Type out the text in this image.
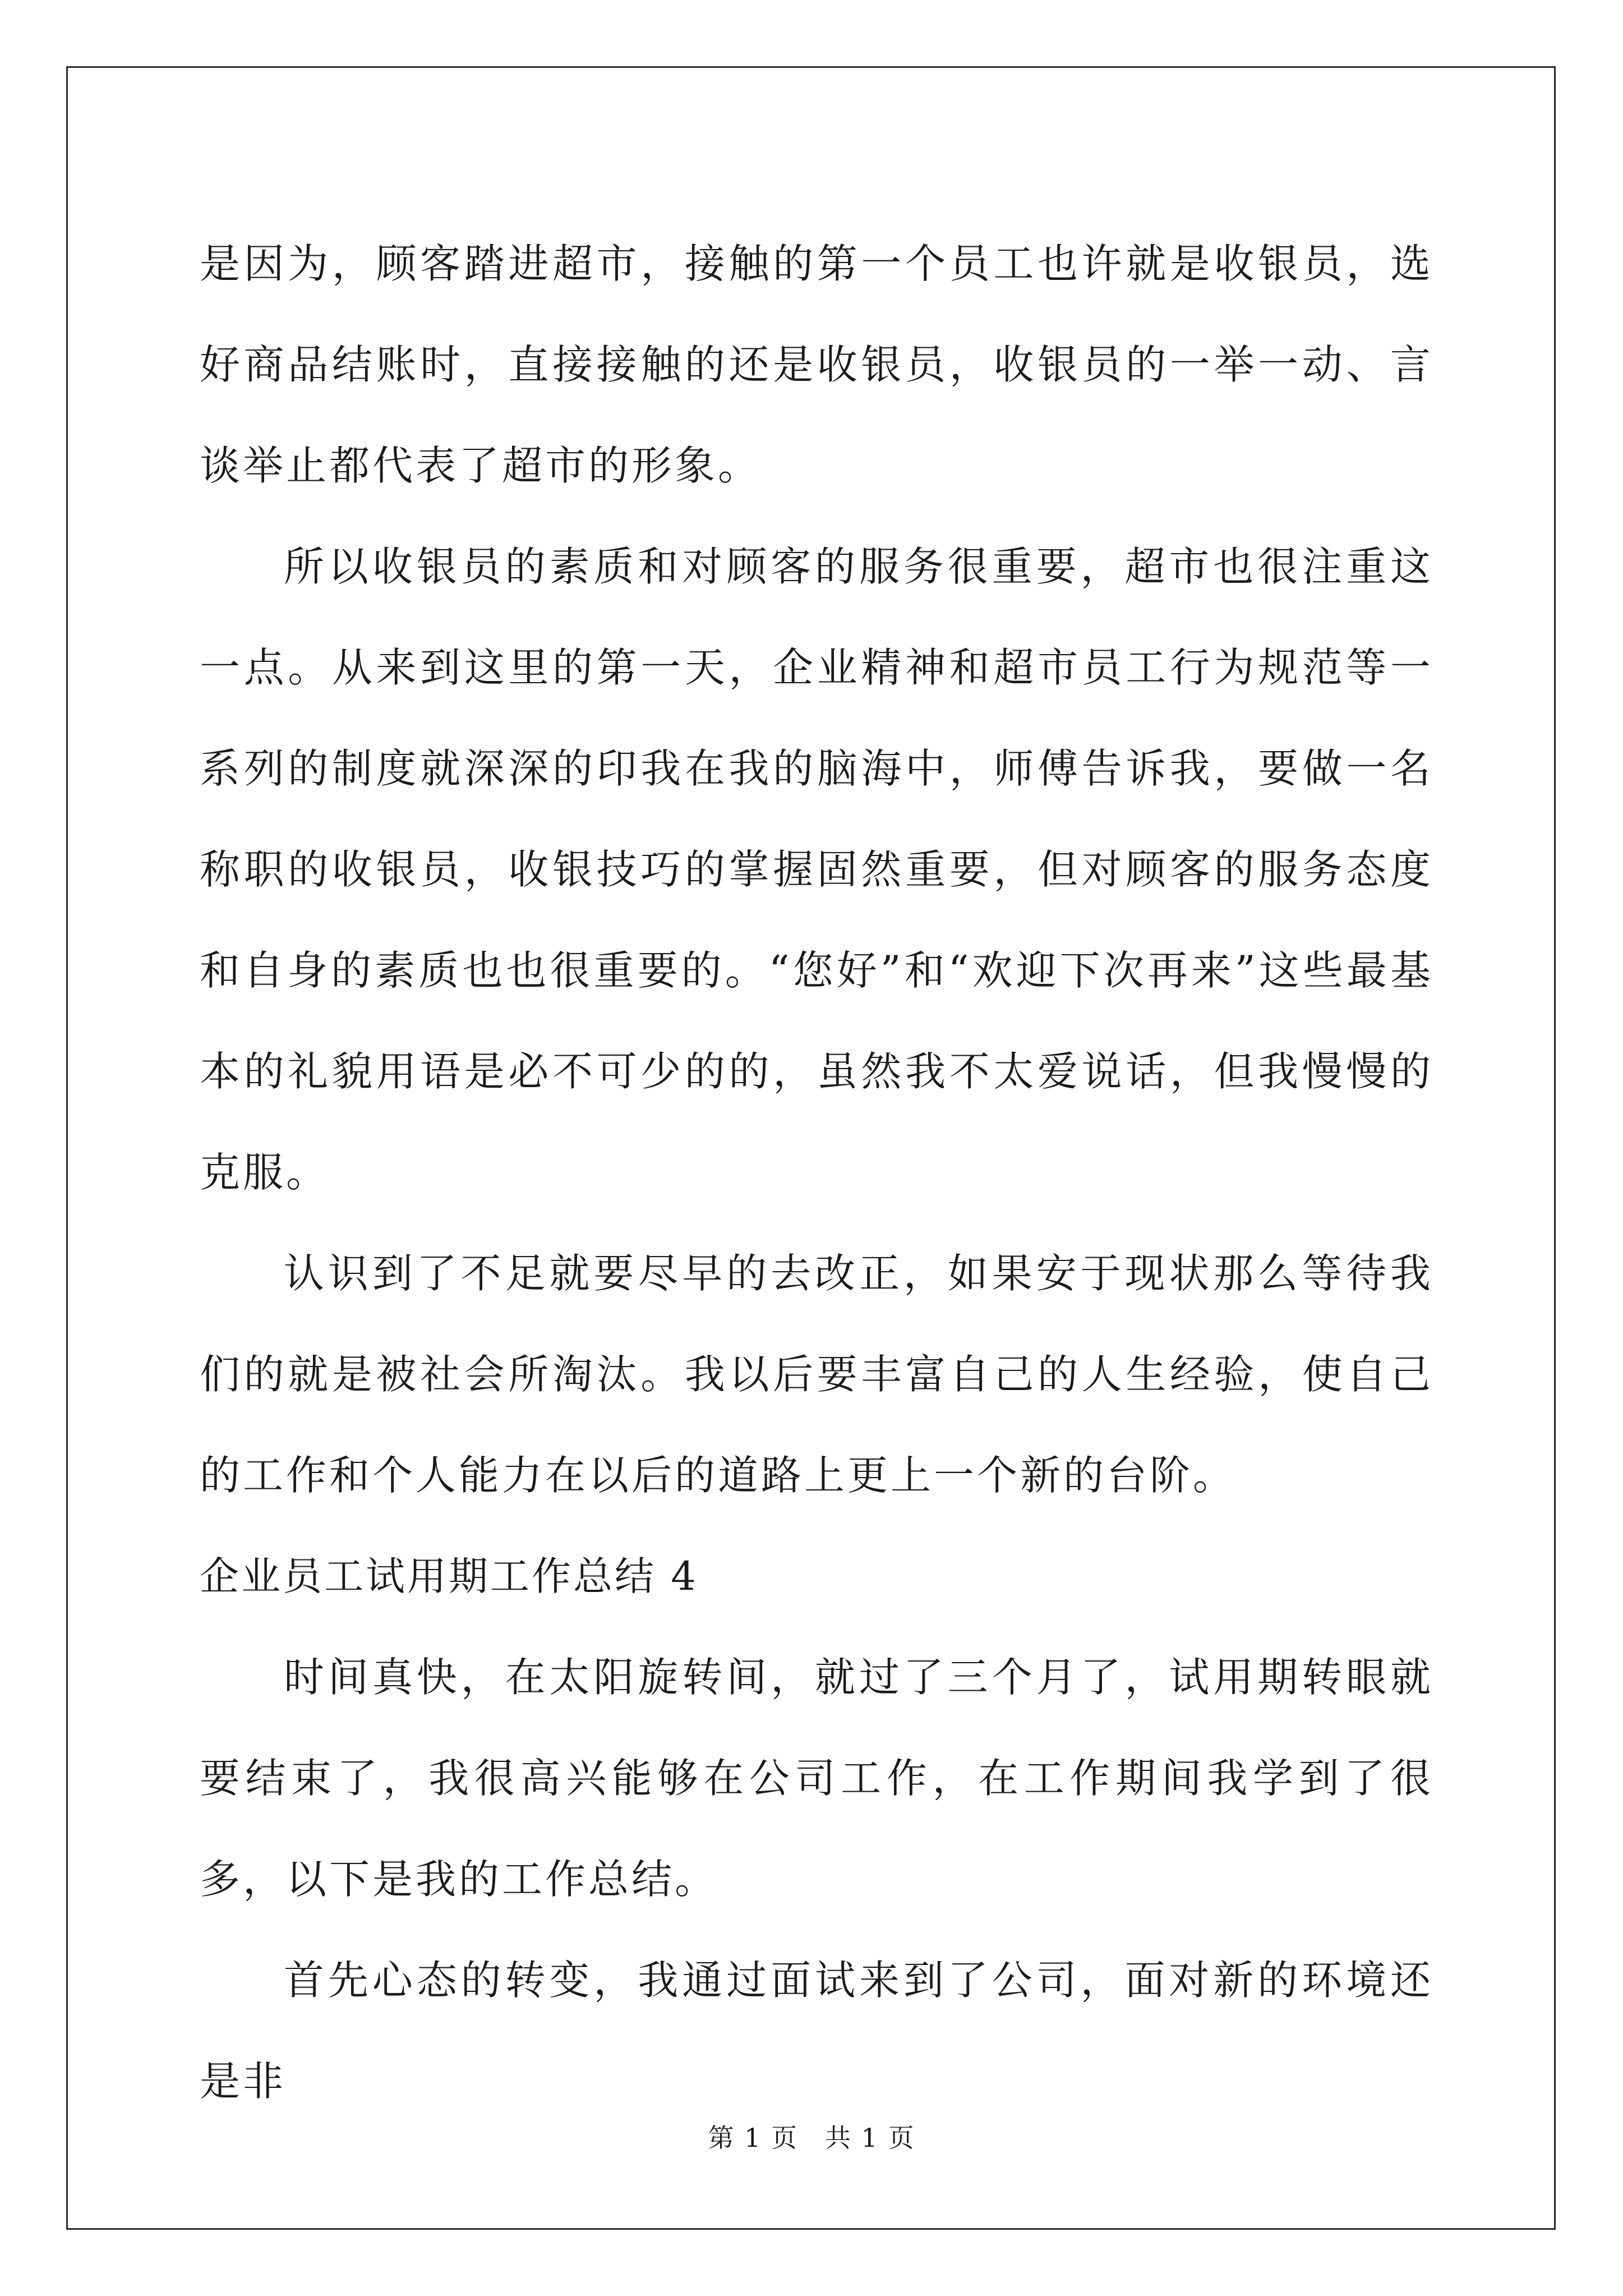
是因为，顾客踏进超市，接触的第一个员工也许就是收银员，选好商品结账时，直接接触的还是收银员，收银员的一举一动、言谈举止都代表了超市的形象。

所以收银员的素质和对顾客的服务很重要，超市也很注重这一点。从来到这里的第一天，企业精神和超市员工行为规范等一系列的制度就深深的印我在我的脑海中，师傅告诉我，要做一名称职的收银员，收银技巧的掌握固然重要，但对顾客的服务态度和自身的素质也也很重要的。“您好”和“欢迎下次再来”这些最基本的礼貌用语是必不可少的的，虽然我不太爱说话，但我慢慢的克服。

认识到了不足就要尽早的去改正，如果安于现状那么等待我们的就是被社会所淘汰。我以后要丰富自己的人生经验，使自己的工作和个人能力在以后的道路上更上一个新的台阶。

企业员工试用期工作总结 4

时间真快，在太阳旋转间，就过了三个月了，试用期转眼就要结束了，我很高兴能够在公司工作，在工作期间我学到了很多，以下是我的工作总结。

首先心态的转变，我通过面试来到了公司，面对新的环境还是非

第 1 页　共 1 页
